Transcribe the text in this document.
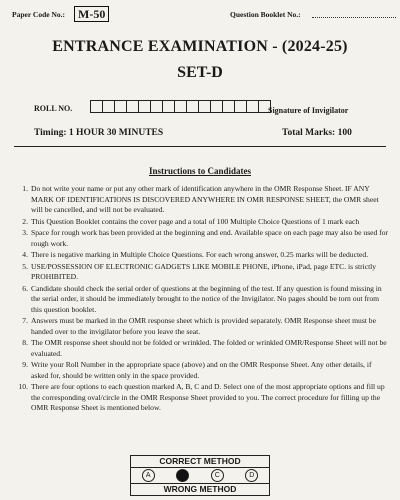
Paper Code No.:	M-50	Question Booklet No.:
ENTRANCE EXAMINATION - (2024-25)
SET-D
ROLL NO.	Signature of Invigilator
Timing: 1 HOUR 30 MINUTES	Total Marks: 100
Instructions to Candidates
1. Do not write your name or put any other mark of identification anywhere in the OMR Response Sheet. IF ANY MARK OF IDENTIFICATIONS IS DISCOVERED ANYWHERE IN OMR RESPONSE SHEET, the OMR sheet will be cancelled, and will not be evaluated.
2. This Question Booklet contains the cover page and a total of 100 Multiple Choice Questions of 1 mark each
3. Space for rough work has been provided at the beginning and end. Available space on each page may also be used for rough work.
4. There is negative marking in Multiple Choice Questions. For each wrong answer, 0.25 marks will be deducted.
5. USE/POSSESSION OF ELECTRONIC GADGETS LIKE MOBILE PHONE, iPhone, iPad, page ETC. is strictly PROHIBITED.
6. Candidate should check the serial order of questions at the beginning of the test. If any question is found missing in the serial order, it should be immediately brought to the notice of the Invigilator. No pages should be torn out from this question booklet.
7. Answers must be marked in the OMR response sheet which is provided separately. OMR Response sheet must be handed over to the invigilator before you leave the seat.
8. The OMR response sheet should not be folded or wrinkled. The folded or wrinkled OMR/Response Sheet will not be evaluated.
9. Write your Roll Number in the appropriate space (above) and on the OMR Response Sheet. Any other details, if asked for, should be written only in the space provided.
10. There are four options to each question marked A, B, C and D. Select one of the most appropriate options and fill up the corresponding oval/circle in the OMR Response Sheet provided to you. The correct procedure for filling up the OMR Response Sheet is mentioned below.
CORRECT METHOD
A	C	D
WRONG METHOD
